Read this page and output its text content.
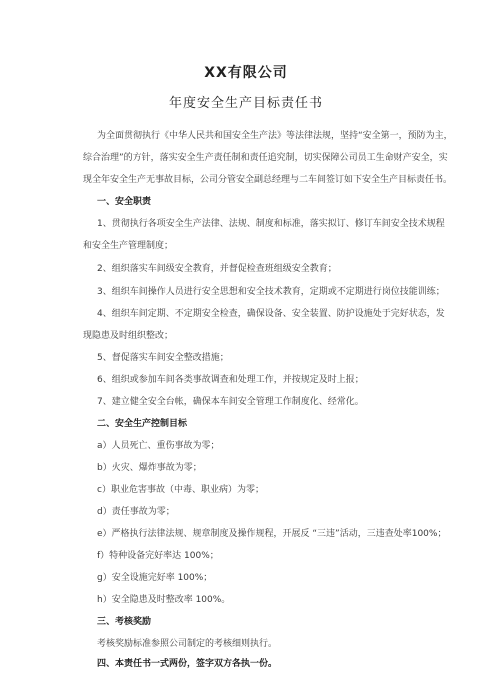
XX有限公司
年度安全生产目标责任书
为全面贯彻执行《中华人民共和国安全生产法》等法律法规，坚持“安全第一，预防为主，
综合治理”的方针，落实安全生产责任制和责任追究制，切实保障公司员工生命财产安全，实
现全年安全生产无事故目标，公司分管安全副总经理与二车间签订如下安全生产目标责任书。
一、安全职责
1、贯彻执行各项安全生产法律、法规、制度和标准，落实拟订、修订车间安全技术规程
和安全生产管理制度；
2、组织落实车间级安全教育，并督促检查班组级安全教育；
3、组织车间操作人员进行安全思想和安全技术教育，定期或不定期进行岗位技能训练；
4、组织车间定期、不定期安全检查，确保设备、安全装置、防护设施处于完好状态，发
现隐患及时组织整改；
5、督促落实车间安全整改措施；
6、组织或参加车间各类事故调查和处理工作，并按规定及时上报；
7、建立健全安全台帐，确保本车间安全管理工作制度化、经常化。
二、安全生产控制目标
a）人员死亡、重伤事故为零；
b）火灾、爆炸事故为零；
c）职业危害事故（中毒、职业病）为零；
d）责任事故为零；
e）严格执行法律法规、规章制度及操作规程，开展反 “三违”活动，三违查处率100%；
f）特种设备完好率达 100%；
g）安全设施完好率 100%；
h）安全隐患及时整改率 100%。
三、考核奖励
考核奖励标准参照公司制定的考核细则执行。
四、本责任书一式两份，签字双方各执一份。
